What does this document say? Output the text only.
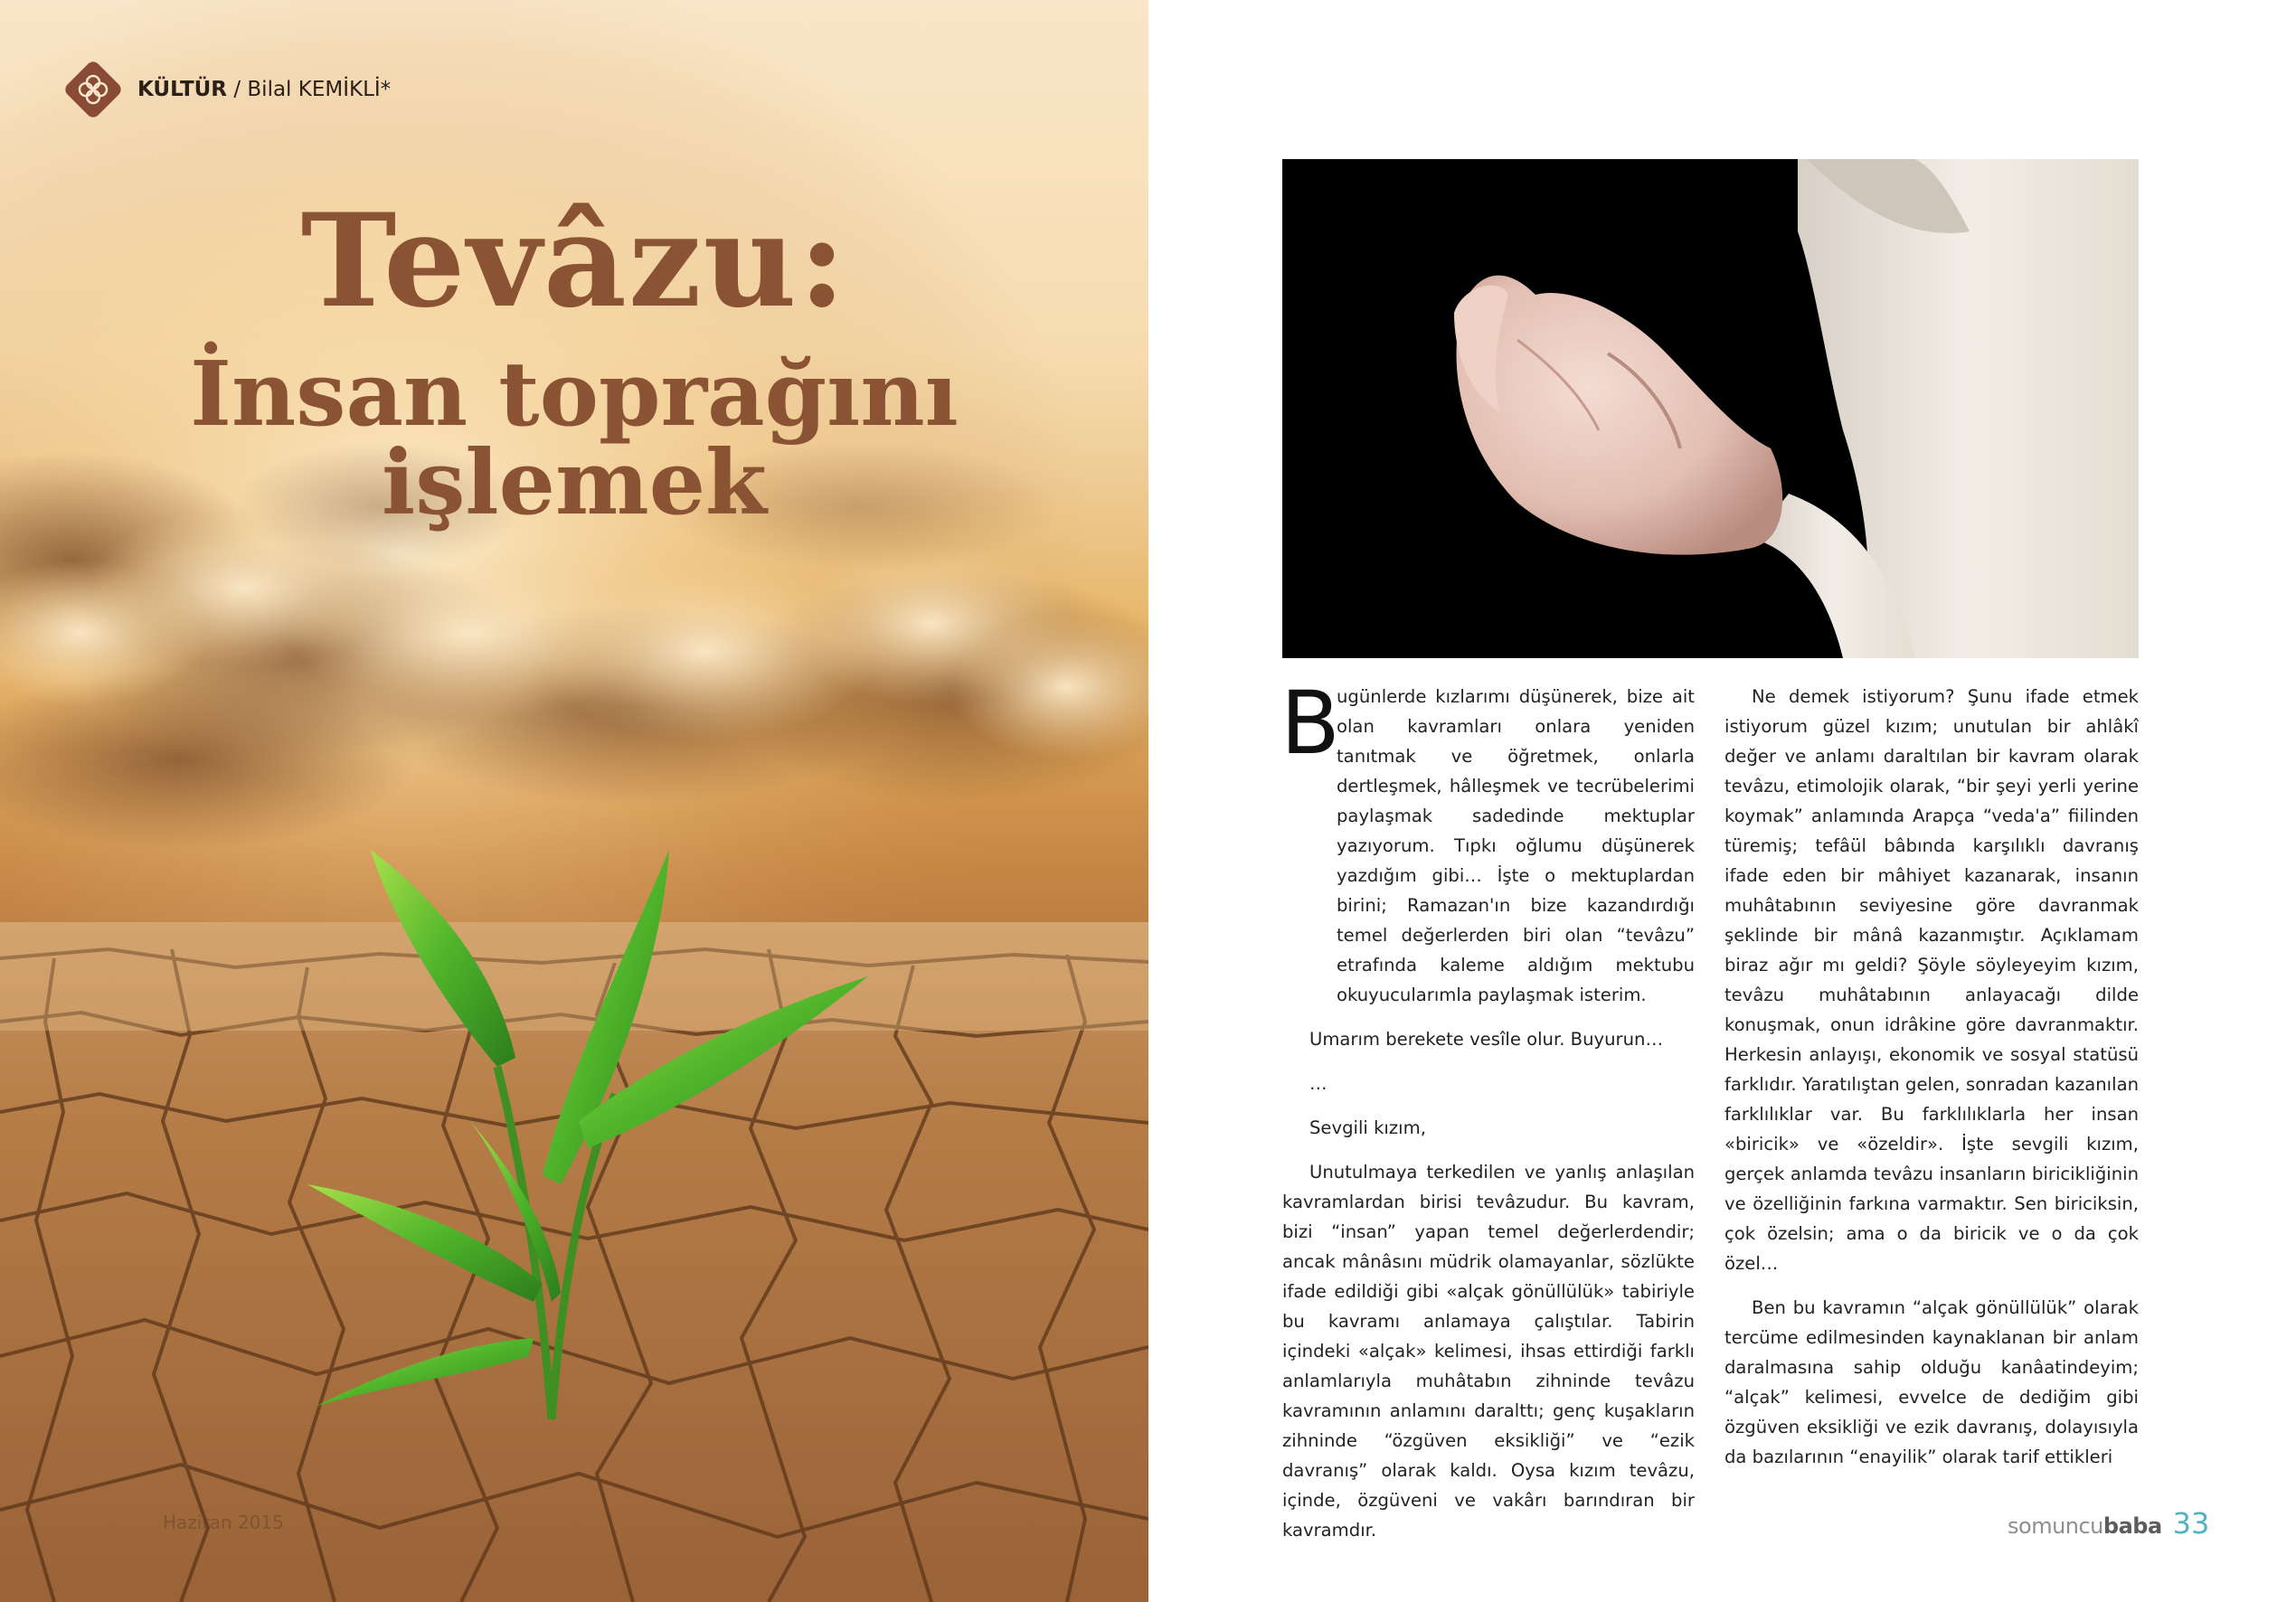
KÜLTÜR / Bilal KEMİKLİ*
Tevâzu:
İnsan toprağını işlemek
Haziran 2015
B

ugünlerde kızlarımı düşünerek, bize ait olan kavramları onlara yeniden tanıtmak ve öğretmek, onlarla dertleşmek, hâlleşmek ve tecrübelerimi paylaşmak sadedinde mektuplar yazıyorum. Tıpkı oğlumu düşünerek yazdığım gibi… İşte o mektuplardan birini; Ramazan'ın bize kazandırdığı temel değerlerden biri olan “tevâzu” etrafında kaleme aldığım mektubu okuyucularımla paylaşmak isterim.

Umarım berekete vesîle olur. Buyurun…

…

Sevgili kızım,

Unutulmaya terkedilen ve yanlış anlaşılan kavramlardan birisi tevâzudur. Bu kavram, bizi “insan” yapan temel değerlerdendir; ancak mânâsını müdrik olamayanlar, sözlükte ifade edildiği gibi «alçak gönüllülük» tabiriyle bu kavramı anlamaya çalıştılar. Tabirin içindeki «alçak» kelimesi, ihsas ettirdiği farklı anlamlarıyla muhâtabın zihninde tevâzu kavramının anlamını daralttı; genç kuşakların zihninde “özgüven eksikliği” ve “ezik davranış” olarak kaldı. Oysa kızım tevâzu, içinde, özgüveni ve vakârı barındıran bir kavramdır.

Ne demek istiyorum? Şunu ifade etmek istiyorum güzel kızım; unutulan bir ahlâkî değer ve anlamı daraltılan bir kavram olarak tevâzu, etimolojik olarak, “bir şeyi yerli yerine koymak” anlamında Arapça “veda'a” fiilinden türemiş; tefâül bâbında karşılıklı davranış ifade eden bir mâhiyet kazanarak, insanın muhâtabının seviyesine göre davranmak şeklinde bir mânâ kazanmıştır. Açıklamam biraz ağır mı geldi? Şöyle söyleyeyim kızım, tevâzu muhâtabının anlayacağı dilde konuşmak, onun idrâkine göre davranmaktır. Herkesin anlayışı, ekonomik ve sosyal statüsü farklıdır. Yaratılıştan gelen, sonradan kazanılan farklılıklar var. Bu farklılıklarla her insan «biricik» ve «özeldir». İşte sevgili kızım, gerçek anlamda tevâzu insanların biricikliğinin ve özelliğinin farkına varmaktır. Sen biriciksin, çok özelsin; ama o da biricik ve o da çok özel…

Ben bu kavramın “alçak gönüllülük” olarak tercüme edilmesinden kaynaklanan bir anlam daralmasına sahip olduğu kanâatindeyim; “alçak” kelimesi, evvelce de dediğim gibi özgüven eksikliği ve ezik davranış, dolayısıyla da bazılarının “enayilik” olarak tarif ettikleri

somuncubaba 33
